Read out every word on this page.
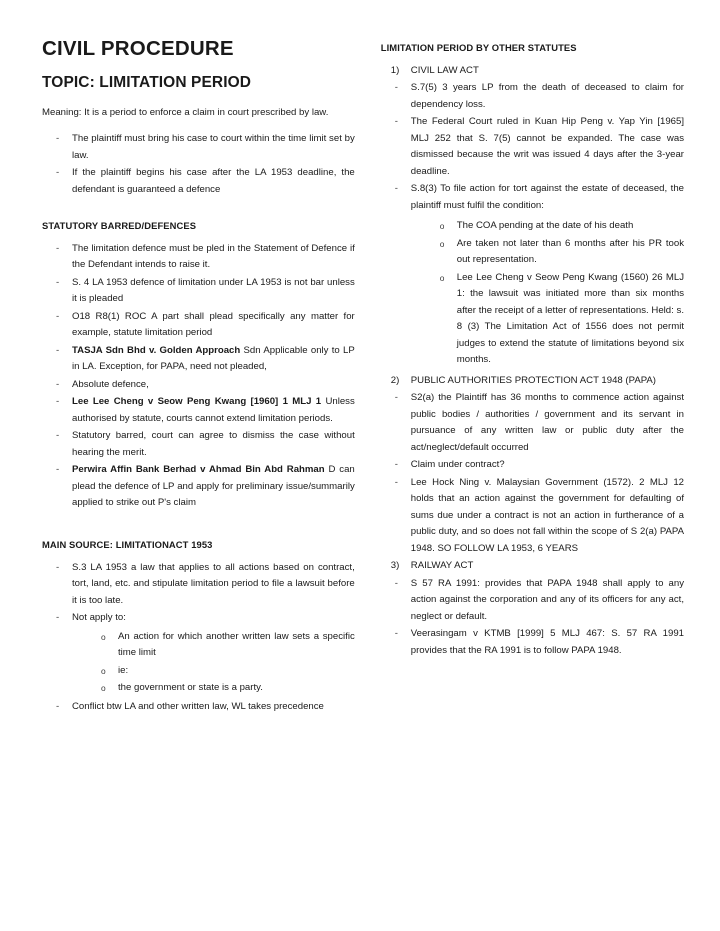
CIVIL PROCEDURE
TOPIC: LIMITATION PERIOD

Meaning: It is a period to enforce a claim in court prescribed by law.

- The plaintiff must bring his case to court within the time limit set by law.
- If the plaintiff begins his case after the LA 1953 deadline, the defendant is guaranteed a defence
STATUTORY BARRED/DEFENCES
- The limitation defence must be pled in the Statement of Defence if the Defendant intends to raise it.
- S. 4 LA 1953 defence of limitation under LA 1953 is not bar unless it is pleaded
- O18 R8(1) ROC A part shall plead specifically any matter for example, statute limitation period
- TASJA Sdn Bhd v. Golden Approach Sdn Applicable only to LP in LA. Exception, for PAPA, need not pleaded,
- Absolute defence,
- Lee Lee Cheng v Seow Peng Kwang [1960] 1 MLJ 1 Unless authorised by statute, courts cannot extend limitation periods.
- Statutory barred, court can agree to dismiss the case without hearing the merit.
- Perwira Affin Bank Berhad v Ahmad Bin Abd Rahman D can plead the defence of LP and apply for preliminary issue/summarily applied to strike out P's claim
MAIN SOURCE: LIMITATIONACT 1953
- S.3 LA 1953 a law that applies to all actions based on contract, tort, land, etc. and stipulate limitation period to file a lawsuit before it is too late.
- Not apply to:
o An action for which another written law sets a specific time limit
o ie:
o the government or state is a party.
- Conflict btw LA and other written law, WL takes precedence
LIMITATION PERIOD BY OTHER STATUTES
1) CIVIL LAW ACT
- S.7(5) 3 years LP from the death of deceased to claim for dependency loss.
- The Federal Court ruled in Kuan Hip Peng v. Yap Yin [1965] MLJ 252 that S. 7(5) cannot be expanded. The case was dismissed because the writ was issued 4 days after the 3-year deadline.
- S.8(3) To file action for tort against the estate of deceased, the plaintiff must fulfil the condition:
o The COA pending at the date of his death
o Are taken not later than 6 months after his PR took out representation.
o Lee Lee Cheng v Seow Peng Kwang (1560) 26 MLJ 1: the lawsuit was initiated more than six months after the receipt of a letter of representations. Held: s. 8 (3) The Limitation Act of 1556 does not permit judges to extend the statute of limitations beyond six months.
2) PUBLIC AUTHORITIES PROTECTION ACT 1948 (PAPA)
- S2(a) the Plaintiff has 36 months to commence action against public bodies / authorities / government and its servant in pursuance of any written law or public duty after the act/neglect/default occurred
- Claim under contract?
- Lee Hock Ning v. Malaysian Government (1572). 2 MLJ 12 holds that an action against the government for defaulting of sums due under a contract is not an action in furtherance of a public duty, and so does not fall within the scope of S 2(a) PAPA 1948. SO FOLLOW LA 1953, 6 YEARS
3) RAILWAY ACT
- S 57 RA 1991: provides that PAPA 1948 shall apply to any action against the corporation and any of its officers for any act, neglect or default.
- Veerasingam v KTMB [1999] 5 MLJ 467: S. 57 RA 1991 provides that the RA 1991 is to follow PAPA 1948.
